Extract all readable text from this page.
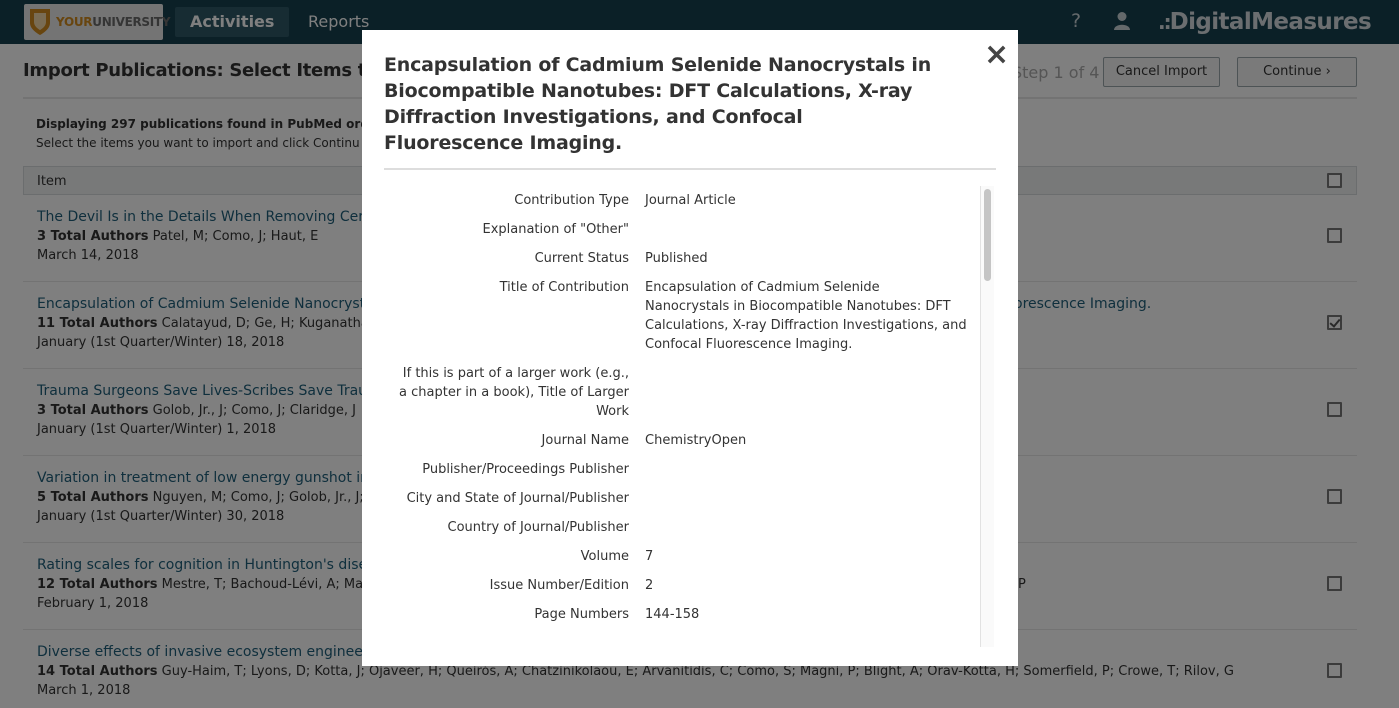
Encapsulation of Cadmium Selenide Nanocrystals in Biocompatible Nanotubes: DFT Calculations, X-ray Diffraction Investigations, and Confocal Fluorescence Imaging.
×
Contribution Type Journal Article
Explanation of "Other"
Current Status Published
Title of Contribution Encapsulation of Cadmium Selenide Nanocrystals in Biocompatible Nanotubes: DFT Calculations, X-ray Diffraction Investigations, and Confocal Fluorescence Imaging.
If this is part of a larger work (e.g., a chapter in a book), Title of Larger Work
Journal Name ChemistryOpen
Publisher/Proceedings Publisher
City and State of Journal/Publisher
Country of Journal/Publisher
Volume 7
Issue Number/Edition 2
Page Numbers 144-158
